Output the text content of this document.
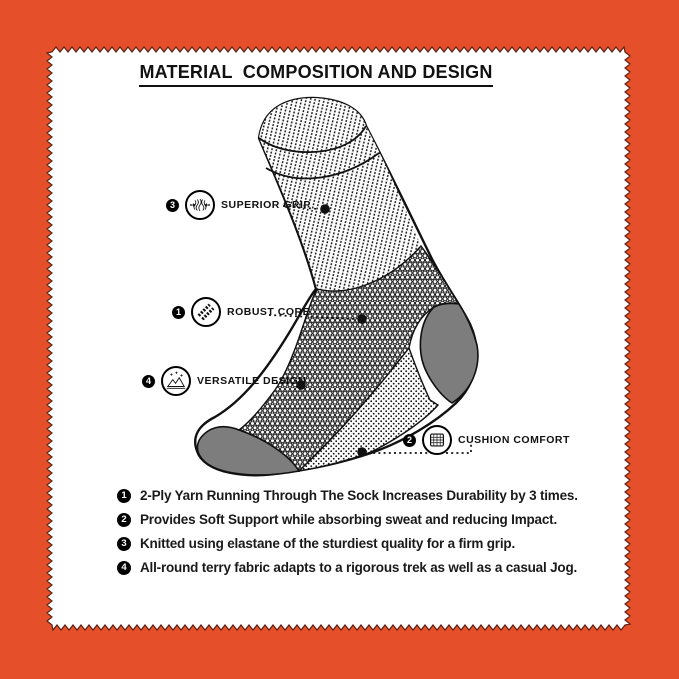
MATERIAL  COMPOSITION AND DESIGN
3	SUPERIOR GRIP
1	ROBUST CORE
4	VERSATILE DESIGN
2	CUSHION COMFORT
1 2-Ply Yarn Running Through The Sock Increases Durability by 3 times.
2 Provides Soft Support while absorbing sweat and reducing Impact.
3 Knitted using elastane of the sturdiest quality for a firm grip.
4 All-round terry fabric adapts to a rigorous trek as well as a casual Jog.
